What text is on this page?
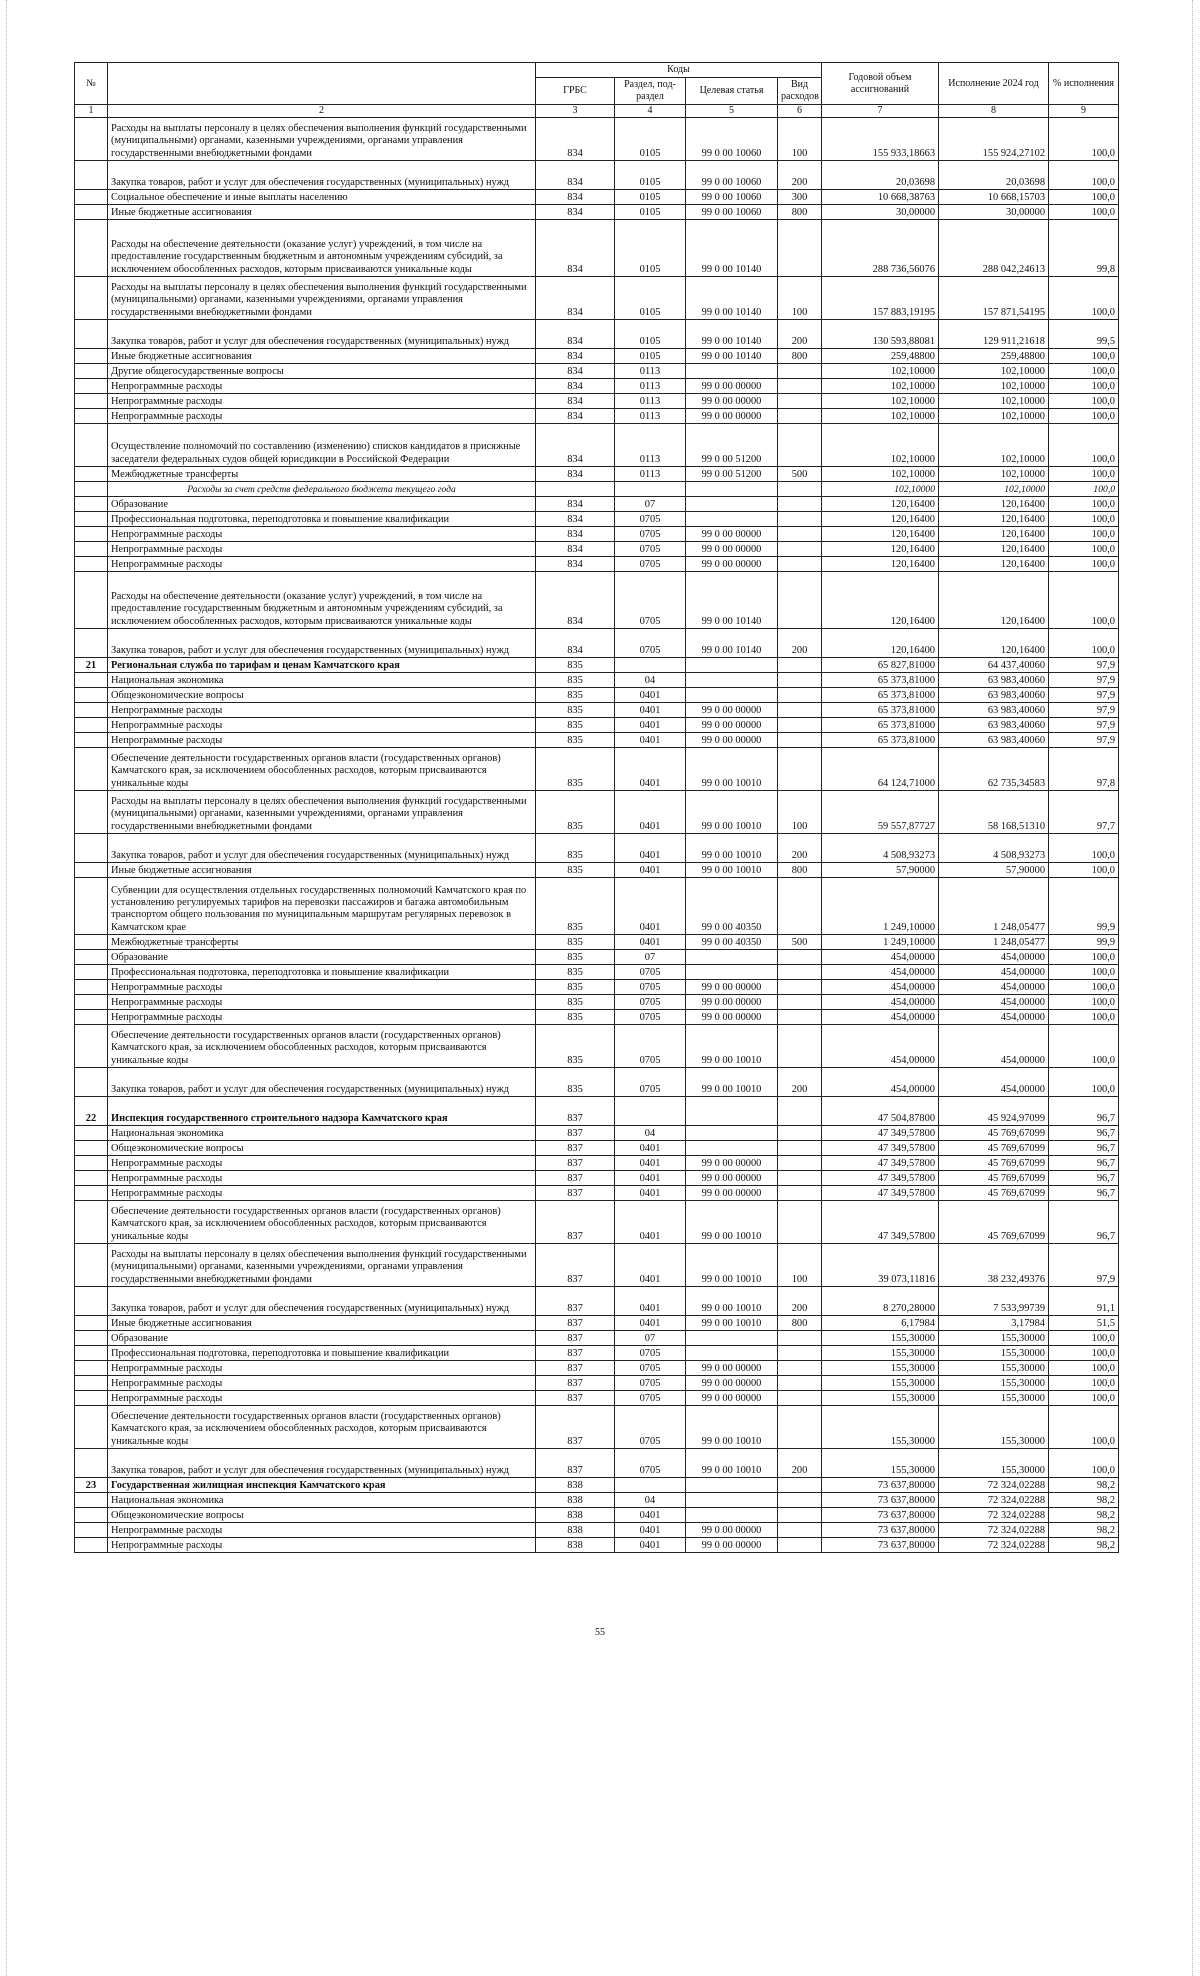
№		Коды				Годовой объем ассигнований	Исполнение 2024 год	% исполнения
		ГРБС	Раздел, под-раздел	Целевая статья	Вид расходов			
1	2	3	4	5	6	7	8	9
	Расходы на выплаты персоналу в целях обеспечения выполнения функций государственными (муниципальными) органами, казенными учреждениями, органами управления государственными внебюджетными фондами	834	0105	99 0 00 10060	100	155 933,18663	155 924,27102	100,0
	Закупка товаров, работ и услуг для обеспечения государственных (муниципальных) нужд	834	0105	99 0 00 10060	200	20,03698	20,03698	100,0
	Социальное обеспечение и иные выплаты населению	834	0105	99 0 00 10060	300	10 668,38763	10 668,15703	100,0
	Иные бюджетные ассигнования	834	0105	99 0 00 10060	800	30,00000	30,00000	100,0
	Расходы на обеспечение деятельности (оказание услуг) учреждений, в том числе на предоставление государственным бюджетным и автономным учреждениям субсидий, за исключением обособленных расходов, которым присваиваются уникальные коды	834	0105	99 0 00 10140		288 736,56076	288 042,24613	99,8
	Расходы на выплаты персоналу в целях обеспечения выполнения функций государственными (муниципальными) органами, казенными учреждениями, органами управления государственными внебюджетными фондами	834	0105	99 0 00 10140	100	157 883,19195	157 871,54195	100,0
	Закупка товаров, работ и услуг для обеспечения государственных (муниципальных) нужд	834	0105	99 0 00 10140	200	130 593,88081	129 911,21618	99,5
	Иные бюджетные ассигнования	834	0105	99 0 00 10140	800	259,48800	259,48800	100,0
	Другие общегосударственные вопросы	834	0113			102,10000	102,10000	100,0
	Непрограммные расходы	834	0113	99 0 00 00000		102,10000	102,10000	100,0
	Непрограммные расходы	834	0113	99 0 00 00000		102,10000	102,10000	100,0
	Непрограммные расходы	834	0113	99 0 00 00000		102,10000	102,10000	100,0
	Осуществление полномочий по составлению (изменению) списков кандидатов в присяжные заседатели федеральных судов общей юрисдикции в Российской Федерации	834	0113	99 0 00 51200		102,10000	102,10000	100,0
	Межбюджетные трансферты	834	0113	99 0 00 51200	500	102,10000	102,10000	100,0
	Расходы за счет средств федерального бюджета текущего года					102,10000	102,10000	100,0
	Образование	834	07			120,16400	120,16400	100,0
	Профессиональная подготовка, переподготовка и повышение квалификации	834	0705			120,16400	120,16400	100,0
	Непрограммные расходы	834	0705	99 0 00 00000		120,16400	120,16400	100,0
	Непрограммные расходы	834	0705	99 0 00 00000		120,16400	120,16400	100,0
	Непрограммные расходы	834	0705	99 0 00 00000		120,16400	120,16400	100,0
	Расходы на обеспечение деятельности (оказание услуг) учреждений, в том числе на предоставление государственным бюджетным и автономным учреждениям субсидий, за исключением обособленных расходов, которым присваиваются уникальные коды	834	0705	99 0 00 10140		120,16400	120,16400	100,0
	Закупка товаров, работ и услуг для обеспечения государственных (муниципальных) нужд	834	0705	99 0 00 10140	200	120,16400	120,16400	100,0
21	Региональная служба по тарифам и ценам Камчатского края	835				65 827,81000	64 437,40060	97,9
	Национальная экономика	835	04			65 373,81000	63 983,40060	97,9
	Общеэкономические вопросы	835	0401			65 373,81000	63 983,40060	97,9
	Непрограммные расходы	835	0401	99 0 00 00000		65 373,81000	63 983,40060	97,9
	Непрограммные расходы	835	0401	99 0 00 00000		65 373,81000	63 983,40060	97,9
	Непрограммные расходы	835	0401	99 0 00 00000		65 373,81000	63 983,40060	97,9
	Обеспечение деятельности государственных органов власти (государственных органов) Камчатского края, за исключением обособленных расходов, которым присваиваются уникальные коды	835	0401	99 0 00 10010		64 124,71000	62 735,34583	97,8
	Расходы на выплаты персоналу в целях обеспечения выполнения функций государственными (муниципальными) органами, казенными учреждениями, органами управления государственными внебюджетными фондами	835	0401	99 0 00 10010	100	59 557,87727	58 168,51310	97,7
	Закупка товаров, работ и услуг для обеспечения государственных (муниципальных) нужд	835	0401	99 0 00 10010	200	4 508,93273	4 508,93273	100,0
	Иные бюджетные ассигнования	835	0401	99 0 00 10010	800	57,90000	57,90000	100,0
	Субвенции для осуществления отдельных государственных полномочий Камчатского края по установлению регулируемых тарифов на перевозки пассажиров и багажа автомобильным транспортом общего пользования по муниципальным маршрутам регулярных перевозок в Камчатском крае	835	0401	99 0 00 40350		1 249,10000	1 248,05477	99,9
	Межбюджетные трансферты	835	0401	99 0 00 40350	500	1 249,10000	1 248,05477	99,9
	Образование	835	07			454,00000	454,00000	100,0
	Профессиональная подготовка, переподготовка и повышение квалификации	835	0705			454,00000	454,00000	100,0
	Непрограммные расходы	835	0705	99 0 00 00000		454,00000	454,00000	100,0
	Непрограммные расходы	835	0705	99 0 00 00000		454,00000	454,00000	100,0
	Непрограммные расходы	835	0705	99 0 00 00000		454,00000	454,00000	100,0
	Обеспечение деятельности государственных органов власти (государственных органов) Камчатского края, за исключением обособленных расходов, которым присваиваются уникальные коды	835	0705	99 0 00 10010		454,00000	454,00000	100,0
	Закупка товаров, работ и услуг для обеспечения государственных (муниципальных) нужд	835	0705	99 0 00 10010	200	454,00000	454,00000	100,0
22	Инспекция государственного строительного надзора Камчатского края	837				47 504,87800	45 924,97099	96,7
	Национальная экономика	837	04			47 349,57800	45 769,67099	96,7
	Общеэкономические вопросы	837	0401			47 349,57800	45 769,67099	96,7
	Непрограммные расходы	837	0401	99 0 00 00000		47 349,57800	45 769,67099	96,7
	Непрограммные расходы	837	0401	99 0 00 00000		47 349,57800	45 769,67099	96,7
	Непрограммные расходы	837	0401	99 0 00 00000		47 349,57800	45 769,67099	96,7
	Обеспечение деятельности государственных органов власти (государственных органов) Камчатского края, за исключением обособленных расходов, которым присваиваются уникальные коды	837	0401	99 0 00 10010		47 349,57800	45 769,67099	96,7
	Расходы на выплаты персоналу в целях обеспечения выполнения функций государственными (муниципальными) органами, казенными учреждениями, органами управления государственными внебюджетными фондами	837	0401	99 0 00 10010	100	39 073,11816	38 232,49376	97,9
	Закупка товаров, работ и услуг для обеспечения государственных (муниципальных) нужд	837	0401	99 0 00 10010	200	8 270,28000	7 533,99739	91,1
	Иные бюджетные ассигнования	837	0401	99 0 00 10010	800	6,17984	3,17984	51,5
	Образование	837	07			155,30000	155,30000	100,0
	Профессиональная подготовка, переподготовка и повышение квалификации	837	0705			155,30000	155,30000	100,0
	Непрограммные расходы	837	0705	99 0 00 00000		155,30000	155,30000	100,0
	Непрограммные расходы	837	0705	99 0 00 00000		155,30000	155,30000	100,0
	Непрограммные расходы	837	0705	99 0 00 00000		155,30000	155,30000	100,0
	Обеспечение деятельности государственных органов власти (государственных органов) Камчатского края, за исключением обособленных расходов, которым присваиваются уникальные коды	837	0705	99 0 00 10010		155,30000	155,30000	100,0
	Закупка товаров, работ и услуг для обеспечения государственных (муниципальных) нужд	837	0705	99 0 00 10010	200	155,30000	155,30000	100,0
23	Государственная жилищная инспекция Камчатского края	838				73 637,80000	72 324,02288	98,2
	Национальная экономика	838	04			73 637,80000	72 324,02288	98,2
	Общеэкономические вопросы	838	0401			73 637,80000	72 324,02288	98,2
	Непрограммные расходы	838	0401	99 0 00 00000		73 637,80000	72 324,02288	98,2
	Непрограммные расходы	838	0401	99 0 00 00000		73 637,80000	72 324,02288	98,2
55
